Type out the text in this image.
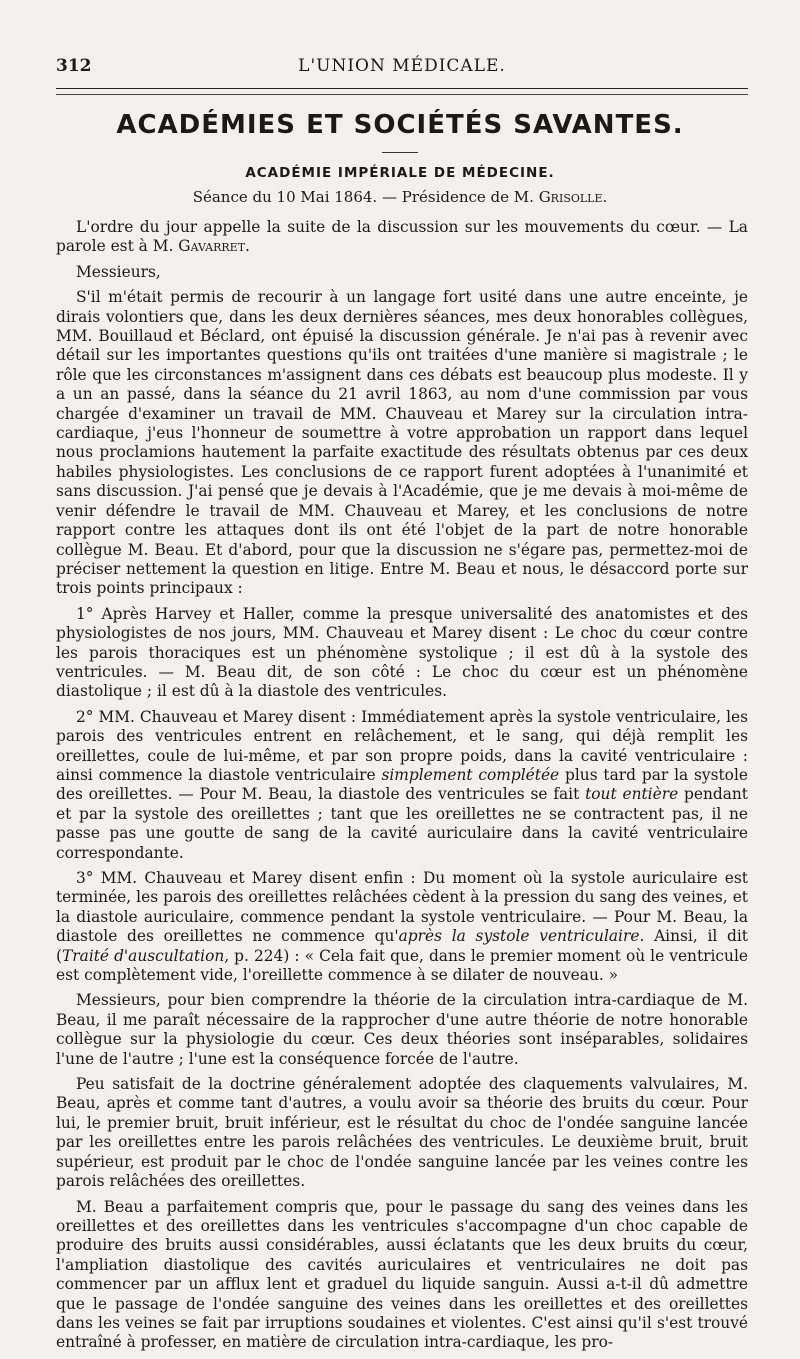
312	L'UNION MÉDICALE.
ACADÉMIES ET SOCIÉTÉS SAVANTES.
ACADÉMIE IMPÉRIALE DE MÉDECINE.
Séance du 10 Mai 1864. — Présidence de M. Grisolle.

L'ordre du jour appelle la suite de la discussion sur les mouvements du cœur. — La parole est à M. Gavarret.

Messieurs,

S'il m'était permis de recourir à un langage fort usité dans une autre enceinte, je dirais volontiers que, dans les deux dernières séances, mes deux honorables collègues, MM. Bouillaud et Béclard, ont épuisé la discussion générale. Je n'ai pas à revenir avec détail sur les importantes questions qu'ils ont traitées d'une manière si magistrale ; le rôle que les circonstances m'assignent dans ces débats est beaucoup plus modeste. Il y a un an passé, dans la séance du 21 avril 1863, au nom d'une commission par vous chargée d'examiner un travail de MM. Chauveau et Marey sur la circulation intra-cardiaque, j'eus l'honneur de soumettre à votre approbation un rapport dans lequel nous proclamions hautement la parfaite exactitude des résultats obtenus par ces deux habiles physiologistes. Les conclusions de ce rapport furent adoptées à l'unanimité et sans discussion. J'ai pensé que je devais à l'Académie, que je me devais à moi-même de venir défendre le travail de MM. Chauveau et Marey, et les conclusions de notre rapport contre les attaques dont ils ont été l'objet de la part de notre honorable collègue M. Beau. Et d'abord, pour que la discussion ne s'égare pas, permettez-moi de préciser nettement la question en litige. Entre M. Beau et nous, le désaccord porte sur trois points principaux :

1° Après Harvey et Haller, comme la presque universalité des anatomistes et des physiologistes de nos jours, MM. Chauveau et Marey disent : Le choc du cœur contre les parois thoraciques est un phénomène systolique ; il est dû à la systole des ventricules. — M. Beau dit, de son côté : Le choc du cœur est un phénomène diastolique ; il est dû à la diastole des ventricules.

2° MM. Chauveau et Marey disent : Immédiatement après la systole ventriculaire, les parois des ventricules entrent en relâchement, et le sang, qui déjà remplit les oreillettes, coule de lui-même, et par son propre poids, dans la cavité ventriculaire : ainsi commence la diastole ventriculaire simplement complétée plus tard par la systole des oreillettes. — Pour M. Beau, la diastole des ventricules se fait tout entière pendant et par la systole des oreillettes ; tant que les oreillettes ne se contractent pas, il ne passe pas une goutte de sang de la cavité auriculaire dans la cavité ventriculaire correspondante.

3° MM. Chauveau et Marey disent enfin : Du moment où la systole auriculaire est terminée, les parois des oreillettes relâchées cèdent à la pression du sang des veines, et la diastole auriculaire, commence pendant la systole ventriculaire. — Pour M. Beau, la diastole des oreillettes ne commence qu'après la systole ventriculaire. Ainsi, il dit (Traité d'auscultation, p. 224) : « Cela fait que, dans le premier moment où le ventricule est complètement vide, l'oreillette commence à se dilater de nouveau. »

Messieurs, pour bien comprendre la théorie de la circulation intra-cardiaque de M. Beau, il me paraît nécessaire de la rapprocher d'une autre théorie de notre honorable collègue sur la physiologie du cœur. Ces deux théories sont inséparables, solidaires l'une de l'autre ; l'une est la conséquence forcée de l'autre.

Peu satisfait de la doctrine généralement adoptée des claquements valvulaires, M. Beau, après et comme tant d'autres, a voulu avoir sa théorie des bruits du cœur. Pour lui, le premier bruit, bruit inférieur, est le résultat du choc de l'ondée sanguine lancée par les oreillettes entre les parois relâchées des ventricules. Le deuxième bruit, bruit supérieur, est produit par le choc de l'ondée sanguine lancée par les veines contre les parois relâchées des oreillettes.

M. Beau a parfaitement compris que, pour le passage du sang des veines dans les oreillettes et des oreillettes dans les ventricules s'accompagne d'un choc capable de produire des bruits aussi considérables, aussi éclatants que les deux bruits du cœur, l'ampliation diastolique des cavités auriculaires et ventriculaires ne doit pas commencer par un afflux lent et graduel du liquide sanguin. Aussi a-t-il dû admettre que le passage de l'ondée sanguine des veines dans les oreillettes et des oreillettes dans les veines se fait par irruptions soudaines et violentes. C'est ainsi qu'il s'est trouvé entraîné à professer, en matière de circulation intra-cardiaque, les pro-
